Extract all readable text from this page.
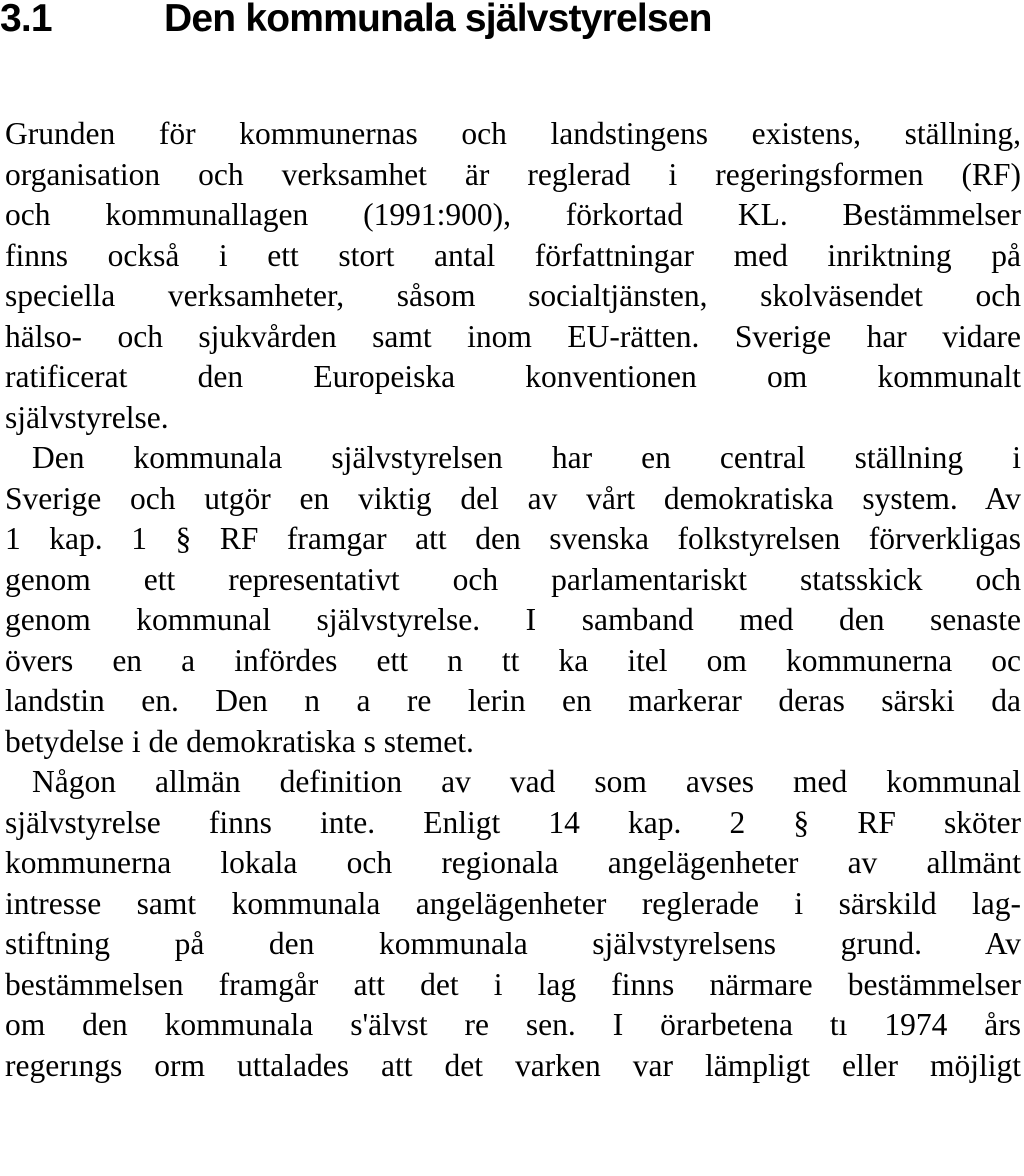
3.1	Den kommunala självstyrelsen
Grunden för kommunernas och landstingens existens, ställning,
organisation och verksamhet är reglerad i regeringsformen (RF)
och kommunallagen (1991:900), förkortad KL. Bestämmelser
finns också i ett stort antal författningar med inriktning på
speciella verksamheter, såsom socialtjänsten, skolväsendet och
hälso- och sjukvården samt inom EU-rätten. Sverige har vidare
ratificerat den Europeiska konventionen om kommunalt
självstyrelse.
Den kommunala självstyrelsen har en central ställning i
Sverige och utgör en viktig del av vårt demokratiska system. Av
1 kap. 1 § RF framgar att den svenska folkstyrelsen förverkligas
genom ett representativt och parlamentariskt statsskick och
genom kommunal självstyrelse. I samband med den senaste
övers en a infördes ett n tt ka itel om kommunerna oc
landstin en. Den n a re lerin en markerar deras särski da
betydelse i de demokratiska s stemet.
Någon allmän definition av vad som avses med kommunal
självstyrelse finns inte. Enligt 14 kap. 2 § RF sköter
kommunerna lokala och regionala angelägenheter av allmänt
intresse samt kommunala angelägenheter reglerade i särskild lag-
stiftning på den kommunala självstyrelsens grund. Av
bestämmelsen framgår att det i lag finns närmare bestämmelser
om den kommunala s'älvst re sen. I örarbetena tı 1974 års
regerıngs orm uttalades att det varken var lämpligt eller möjligt
